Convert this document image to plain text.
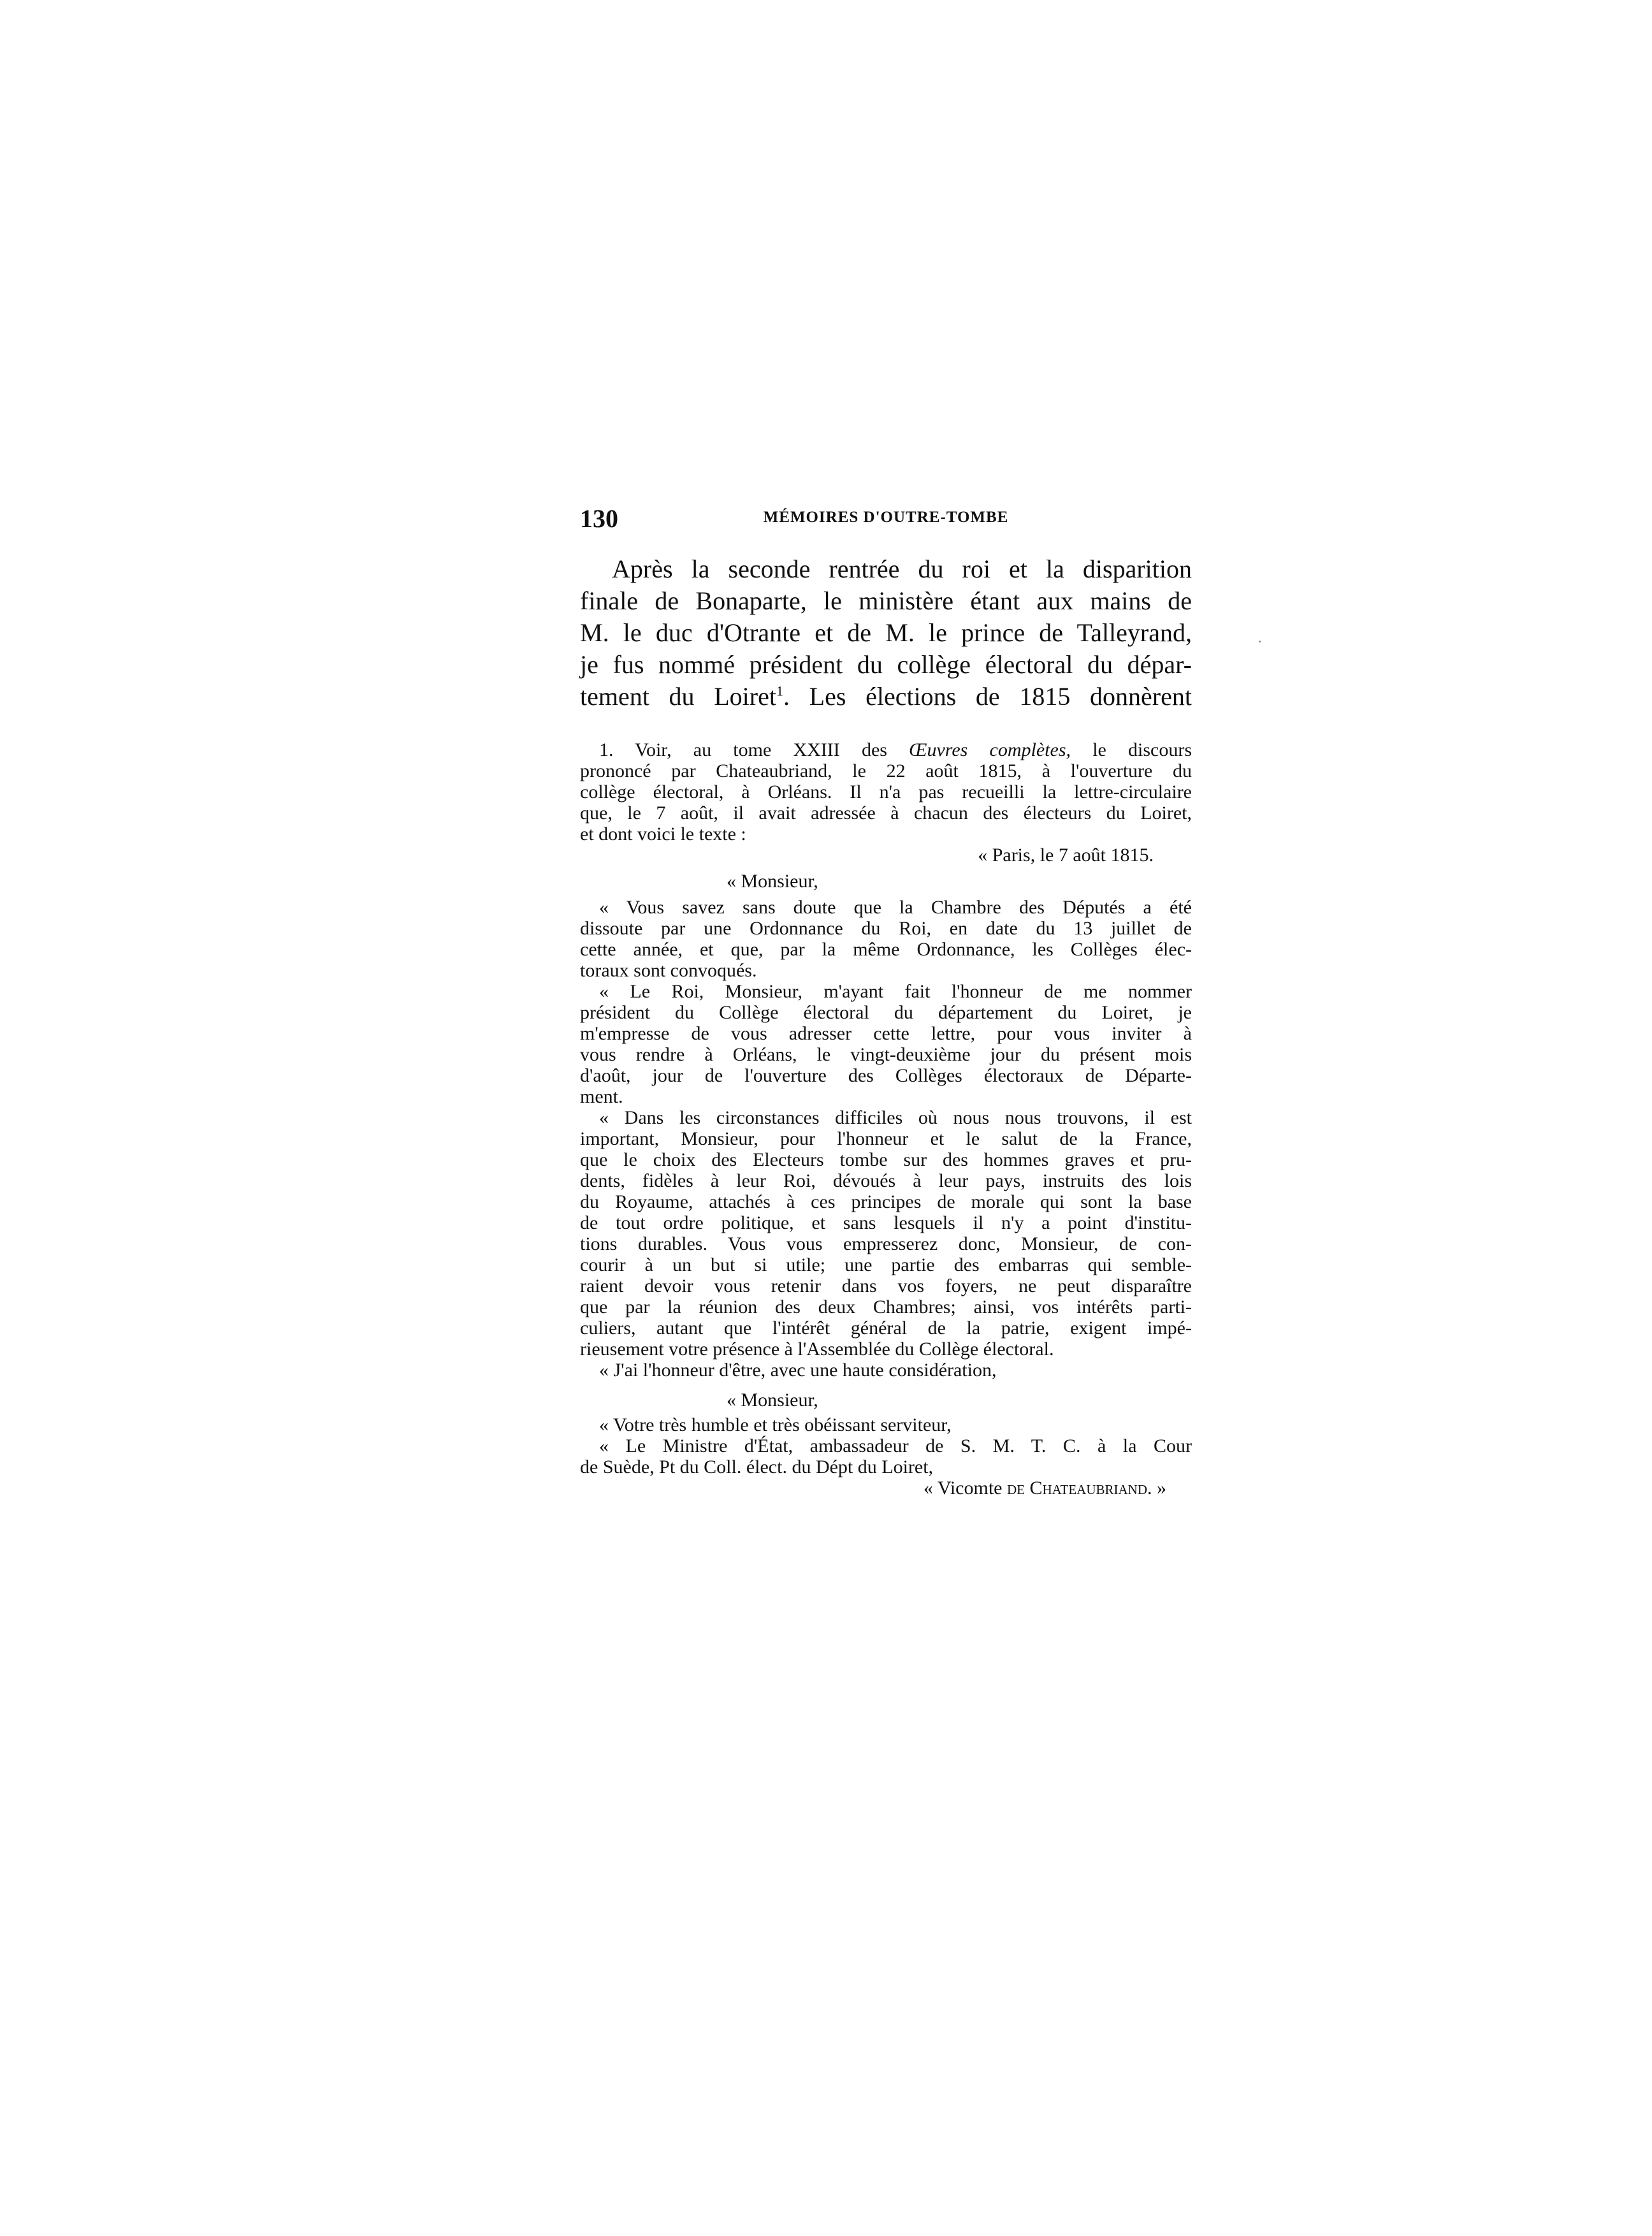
130	MÉMOIRES D'OUTRE-TOMBE
Après la seconde rentrée du roi et la disparition
finale de Bonaparte, le ministère étant aux mains de
M. le duc d'Otrante et de M. le prince de Talleyrand,
je fus nommé président du collège électoral du dépar-
tement du Loiret$^1$. Les élections de 1815 donnèrent
1. Voir, au tome XXIII des Œuvres complètes, le discours
prononcé par Chateaubriand, le 22 août 1815, à l'ouverture du
collège électoral, à Orléans. Il n'a pas recueilli la lettre-circulaire
que, le 7 août, il avait adressée à chacun des électeurs du Loiret,
et dont voici le texte :
« Paris, le 7 août 1815.
« Monsieur,
« Vous savez sans doute que la Chambre des Députés a été
dissoute par une Ordonnance du Roi, en date du 13 juillet de
cette année, et que, par la même Ordonnance, les Collèges élec-
toraux sont convoqués.
« Le Roi, Monsieur, m'ayant fait l'honneur de me nommer
président du Collège électoral du département du Loiret, je
m'empresse de vous adresser cette lettre, pour vous inviter à
vous rendre à Orléans, le vingt-deuxième jour du présent mois
d'août, jour de l'ouverture des Collèges électoraux de Départe-
ment.
« Dans les circonstances difficiles où nous nous trouvons, il est
important, Monsieur, pour l'honneur et le salut de la France,
que le choix des Electeurs tombe sur des hommes graves et pru-
dents, fidèles à leur Roi, dévoués à leur pays, instruits des lois
du Royaume, attachés à ces principes de morale qui sont la base
de tout ordre politique, et sans lesquels il n'y a point d'institu-
tions durables. Vous vous empresserez donc, Monsieur, de con-
courir à un but si utile; une partie des embarras qui semble-
raient devoir vous retenir dans vos foyers, ne peut disparaître
que par la réunion des deux Chambres; ainsi, vos intérêts parti-
culiers, autant que l'intérêt général de la patrie, exigent impé-
rieusement votre présence à l'Assemblée du Collège électoral.
« J'ai l'honneur d'être, avec une haute considération,
« Monsieur,
« Votre très humble et très obéissant serviteur,
« Le Ministre d'État, ambassadeur de S. M. T. C. à la Cour
de Suède, Pt du Coll. élect. du Dépt du Loiret,
« Vicomte de Chateaubriand. »
